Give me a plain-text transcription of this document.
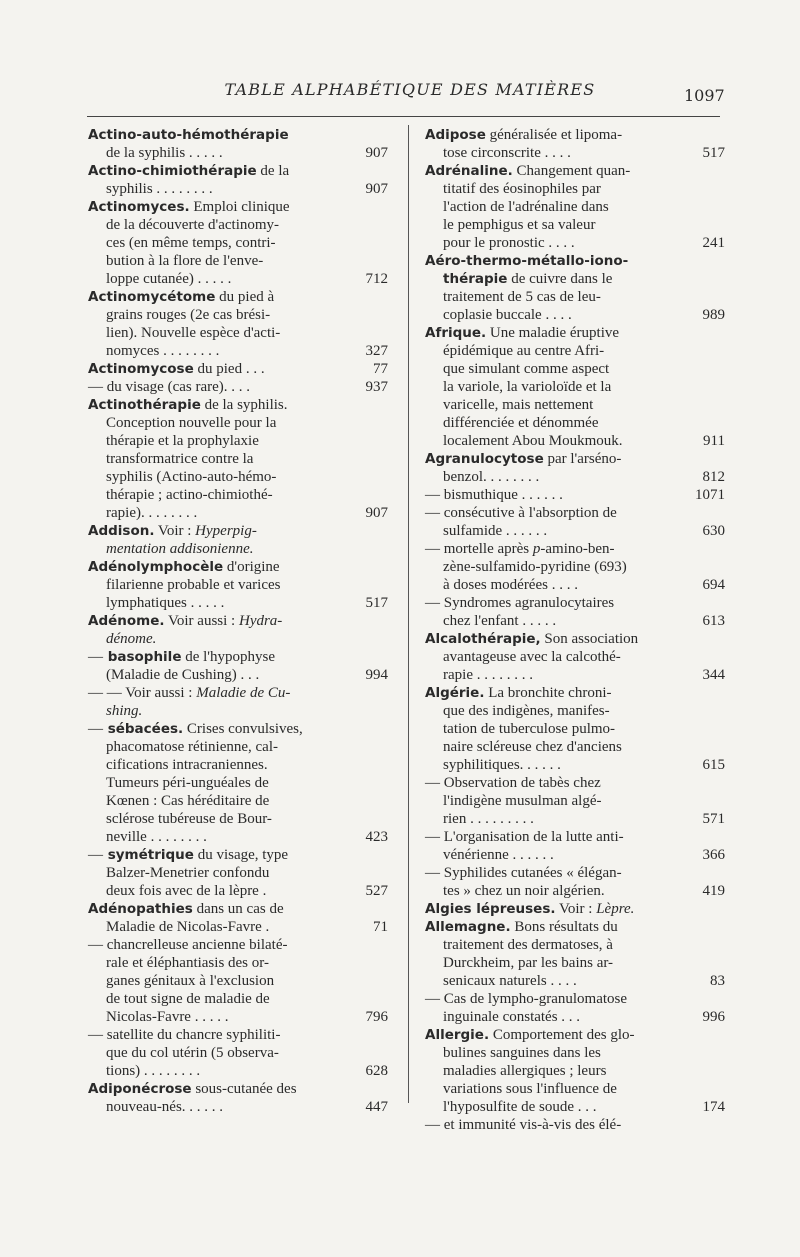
TABLE ALPHABÉTIQUE DES MATIÈRES	1097
Actino-auto-hémothérapie
de la syphilis . . . . .	907
Actino-chimiothérapie de la
syphilis . . . . . . . .	907
Actinomyces. Emploi clinique
de la découverte d'actinomy-
ces (en même temps, contri-
bution à la flore de l'enve-
loppe cutanée) . . . . .	712
Actinomycétome du pied à
grains rouges (2e cas brési-
lien). Nouvelle espèce d'acti-
nomyces . . . . . . . .	327
Actinomycose du pied . . .	77
— du visage (cas rare). . . .	937
Actinothérapie de la syphilis.
Conception nouvelle pour la
thérapie et la prophylaxie
transformatrice contre la
syphilis (Actino-auto-hémo-
thérapie ; actino-chimiothé-
rapie). . . . . . . .	907
Addison. Voir : Hyperpig-
mentation addisonienne.
Adénolymphocèle d'origine
filarienne probable et varices
lymphatiques . . . . .	517
Adénome. Voir aussi : Hydra-
dénome.
— basophile de l'hypophyse
(Maladie de Cushing) . . .	994
— — Voir aussi : Maladie de Cu-
shing.
— sébacées. Crises convulsives,
phacomatose rétinienne, cal-
cifications intracraniennes.
Tumeurs péri-unguéales de
Kœnen : Cas héréditaire de
sclérose tubéreuse de Bour-
neville . . . . . . . .	423
— symétrique du visage, type
Balzer-Menetrier confondu
deux fois avec de la lèpre .	527
Adénopathies dans un cas de
Maladie de Nicolas-Favre .	71
— chancrelleuse ancienne bilaté-
rale et éléphantiasis des or-
ganes génitaux à l'exclusion
de tout signe de maladie de
Nicolas-Favre . . . . .	796
— satellite du chancre syphiliti-
que du col utérin (5 observa-
tions) . . . . . . . .	628
Adiponécrose sous-cutanée des
nouveau-nés. . . . . .	447
Adipose généralisée et lipoma-
tose circonscrite . . . .	517
Adrénaline. Changement quan-
titatif des éosinophiles par
l'action de l'adrénaline dans
le pemphigus et sa valeur
pour le pronostic . . . .	241
Aéro-thermo-métallo-iono-
thérapie de cuivre dans le
traitement de 5 cas de leu-
coplasie buccale . . . .	989
Afrique. Une maladie éruptive
épidémique au centre Afri-
que simulant comme aspect
la variole, la varioloïde et la
varicelle, mais nettement
différenciée et dénommée
localement Abou Moukmouk.	911
Agranulocytose par l'arséno-
benzol. . . . . . . .	812
— bismuthique . . . . . .	1071
— consécutive à l'absorption de
sulfamide . . . . . .	630
— mortelle après p-amino-ben-
zène-sulfamido-pyridine (693)
à doses modérées . . . .	694
— Syndromes agranulocytaires
chez l'enfant . . . . .	613
Alcalothérapie, Son association
avantageuse avec la calcothé-
rapie . . . . . . . .	344
Algérie. La bronchite chroni-
que des indigènes, manifes-
tation de tuberculose pulmo-
naire scléreuse chez d'anciens
syphilitiques. . . . . .	615
— Observation de tabès chez
l'indigène musulman algé-
rien . . . . . . . . .	571
— L'organisation de la lutte anti-
vénérienne . . . . . .	366
— Syphilides cutanées « élégan-
tes » chez un noir algérien.	419
Algies lépreuses. Voir : Lèpre.
Allemagne. Bons résultats du
traitement des dermatoses, à
Durckheim, par les bains ar-
senicaux naturels . . . .	83
— Cas de lympho-granulomatose
inguinale constatés . . .	996
Allergie. Comportement des glo-
bulines sanguines dans les
maladies allergiques ; leurs
variations sous l'influence de
l'hyposulfite de soude . . .	174
— et immunité vis-à-vis des élé-
